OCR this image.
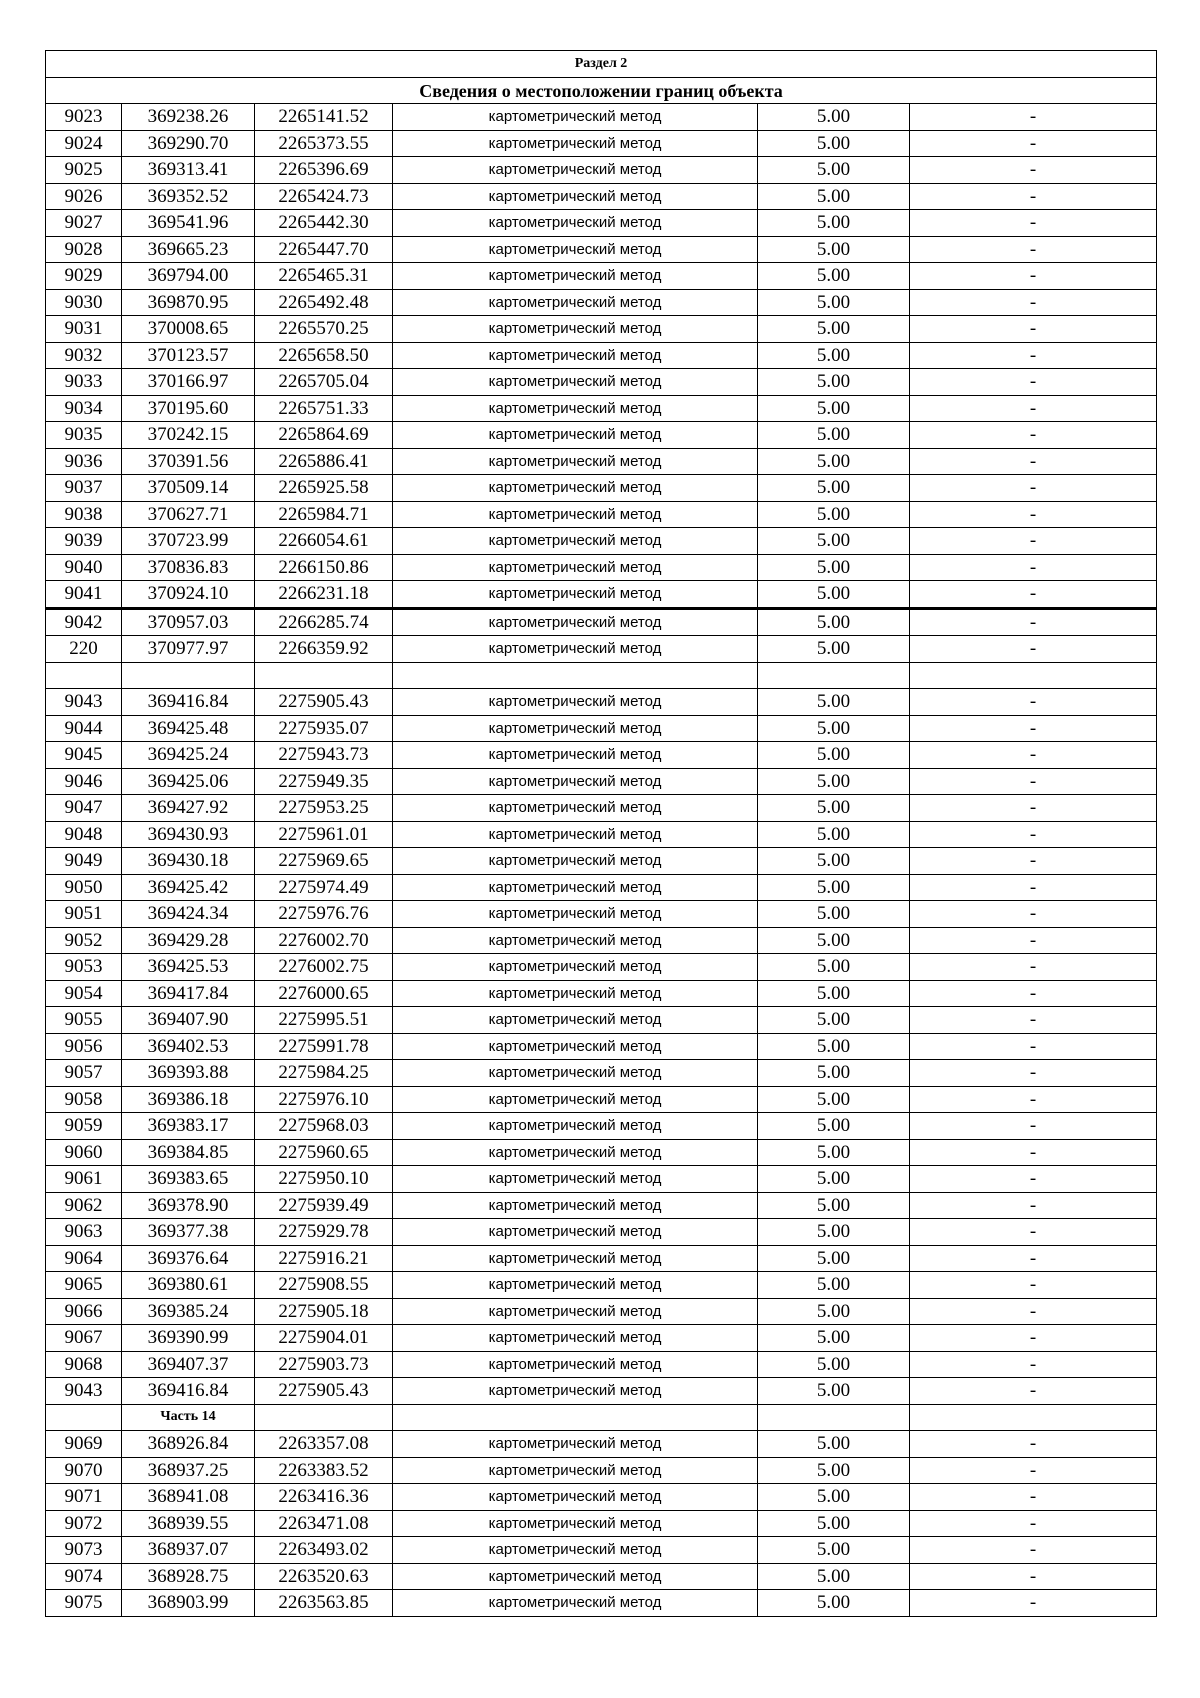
Раздел 2					
Сведения о местоположении границ объекта					
9023	369238.26	2265141.52	картометрический метод	5.00	-
9024	369290.70	2265373.55	картометрический метод	5.00	-
9025	369313.41	2265396.69	картометрический метод	5.00	-
9026	369352.52	2265424.73	картометрический метод	5.00	-
9027	369541.96	2265442.30	картометрический метод	5.00	-
9028	369665.23	2265447.70	картометрический метод	5.00	-
9029	369794.00	2265465.31	картометрический метод	5.00	-
9030	369870.95	2265492.48	картометрический метод	5.00	-
9031	370008.65	2265570.25	картометрический метод	5.00	-
9032	370123.57	2265658.50	картометрический метод	5.00	-
9033	370166.97	2265705.04	картометрический метод	5.00	-
9034	370195.60	2265751.33	картометрический метод	5.00	-
9035	370242.15	2265864.69	картометрический метод	5.00	-
9036	370391.56	2265886.41	картометрический метод	5.00	-
9037	370509.14	2265925.58	картометрический метод	5.00	-
9038	370627.71	2265984.71	картометрический метод	5.00	-
9039	370723.99	2266054.61	картометрический метод	5.00	-
9040	370836.83	2266150.86	картометрический метод	5.00	-
9041	370924.10	2266231.18	картометрический метод	5.00	-
9042	370957.03	2266285.74	картометрический метод	5.00	-
220	370977.97	2266359.92	картометрический метод	5.00	-

9043	369416.84	2275905.43	картометрический метод	5.00	-
9044	369425.48	2275935.07	картометрический метод	5.00	-
9045	369425.24	2275943.73	картометрический метод	5.00	-
9046	369425.06	2275949.35	картометрический метод	5.00	-
9047	369427.92	2275953.25	картометрический метод	5.00	-
9048	369430.93	2275961.01	картометрический метод	5.00	-
9049	369430.18	2275969.65	картометрический метод	5.00	-
9050	369425.42	2275974.49	картометрический метод	5.00	-
9051	369424.34	2275976.76	картометрический метод	5.00	-
9052	369429.28	2276002.70	картометрический метод	5.00	-
9053	369425.53	2276002.75	картометрический метод	5.00	-
9054	369417.84	2276000.65	картометрический метод	5.00	-
9055	369407.90	2275995.51	картометрический метод	5.00	-
9056	369402.53	2275991.78	картометрический метод	5.00	-
9057	369393.88	2275984.25	картометрический метод	5.00	-
9058	369386.18	2275976.10	картометрический метод	5.00	-
9059	369383.17	2275968.03	картометрический метод	5.00	-
9060	369384.85	2275960.65	картометрический метод	5.00	-
9061	369383.65	2275950.10	картометрический метод	5.00	-
9062	369378.90	2275939.49	картометрический метод	5.00	-
9063	369377.38	2275929.78	картометрический метод	5.00	-
9064	369376.64	2275916.21	картометрический метод	5.00	-
9065	369380.61	2275908.55	картометрический метод	5.00	-
9066	369385.24	2275905.18	картометрический метод	5.00	-
9067	369390.99	2275904.01	картометрический метод	5.00	-
9068	369407.37	2275903.73	картометрический метод	5.00	-
9043	369416.84	2275905.43	картометрический метод	5.00	-
	Часть 14				
9069	368926.84	2263357.08	картометрический метод	5.00	-
9070	368937.25	2263383.52	картометрический метод	5.00	-
9071	368941.08	2263416.36	картометрический метод	5.00	-
9072	368939.55	2263471.08	картометрический метод	5.00	-
9073	368937.07	2263493.02	картометрический метод	5.00	-
9074	368928.75	2263520.63	картометрический метод	5.00	-
9075	368903.99	2263563.85	картометрический метод	5.00	-
